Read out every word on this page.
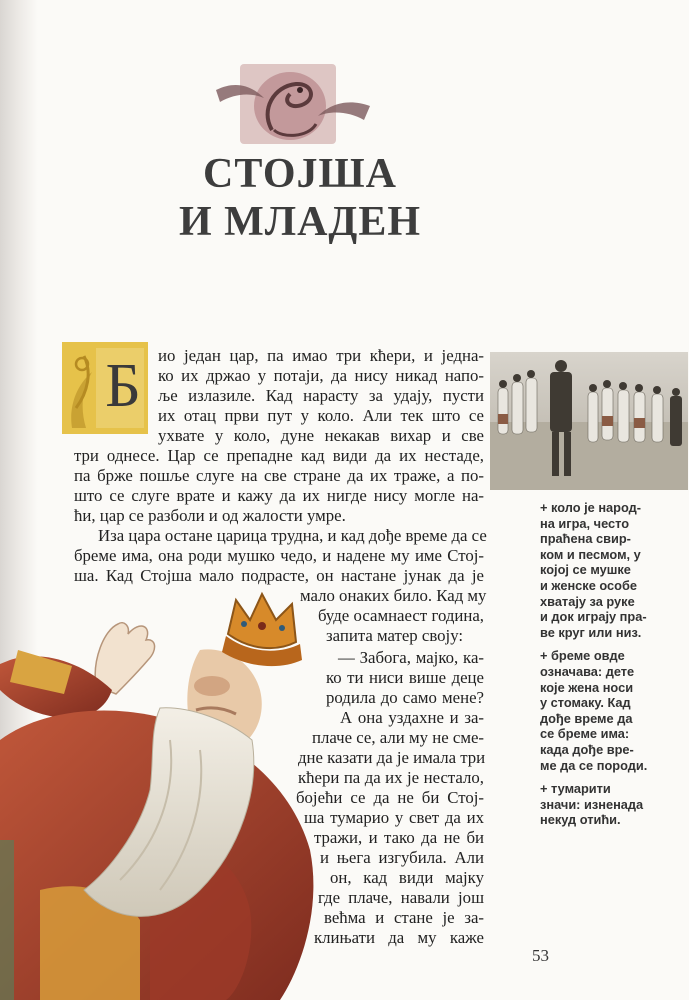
СТОЈША
И МЛАДЕН
Б	ио један цар, па имао три кћери, и једна-
ко их држао у потаји, да нису никад напо-
ље излазиле. Кад нарасту за удају, пусти
их отац први пут у коло. Али тек што се
ухвате у коло, дуне некакав вихар и све
три однесе. Цар се препадне кад види да их нестаде,
па брже пошље слуге на све стране да их траже, а по-
што се слуге врате и кажу да их нигде нису могле на-
ћи, цар се разболи и од жалости умре.
Иза цара остане царица трудна, и кад дође време да се
бреме има, она роди мушко чедо, и надене му име Стој-
ша. Кад Стојша мало подрасте, он настане јунак да је
мало онаких било. Кад му
буде осамнаест година,
запита матер своју:
— Забога, мајко, ка-
ко ти ниси више деце
родила до само мене?
А она уздахне и за-
плаче се, али му не сме-
дне казати да је имала три
кћери па да их је нестало,
бојећи се да не би Стој-
ша тумарио у свет да их
тражи, и тако да не би
и њега изгубила. Али
он, кад види мајку
где плаче, навали још
већма и стане је за-
клињати да му каже
+ коло је народ-
на игра, често
праћена свир-
ком и песмом, у
којој се мушке
и женске особе
хватају за руке
и док играју пра-
ве круг или низ.
+ бреме овде
означава: дете
које жена носи
у стомаку. Кад
дође време да
се бреме има:
када дође вре-
ме да се породи.
+ тумарити
значи: изненада
некуд отићи.
53
